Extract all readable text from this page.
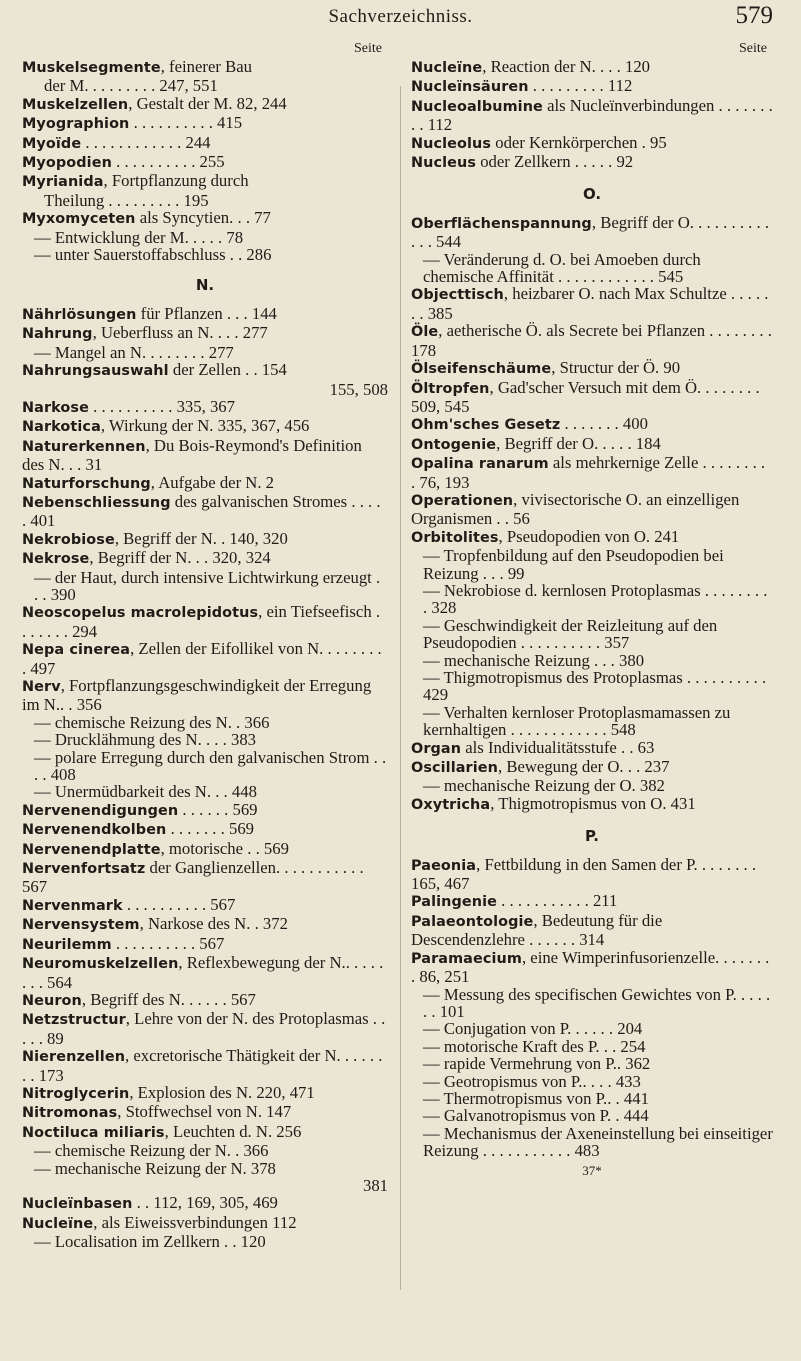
Sachverzeichniss.	579
Seite
Muskelsegmente, feinerer Bau
der M. . . . . . . . . 247, 551
Muskelzellen, Gestalt der M. 82, 244
Myographion . . . . . . . . . . 415
Myoïde . . . . . . . . . . . . 244
Myopodien . . . . . . . . . . 255
Myrianida, Fortpflanzung durch
Theilung . . . . . . . . . 195
Myxomyceten als Syncytien. . . 77
— Entwicklung der M. . . . . 78
— unter Sauerstoffabschluss . . 286
N.
Nährlösungen für Pflanzen . . . 144
Nahrung, Ueberfluss an N. . . . 277
— Mangel an N. . . . . . . . 277
Nahrungsauswahl der Zellen . . 154
155, 508
Narkose . . . . . . . . . . 335, 367
Narkotica, Wirkung der N. 335, 367, 456
Naturerkennen, Du Bois-Reymond's Definition des N. . . 31
Naturforschung, Aufgabe der N. 2
Nebenschliessung des galvanischen Stromes . . . . . 401
Nekrobiose, Begriff der N. . 140, 320
Nekrose, Begriff der N. . . 320, 324
— der Haut, durch intensive Lichtwirkung erzeugt . . . 390
Neoscopelus macrolepidotus, ein Tiefseefisch . . . . . . . 294
Nepa cinerea, Zellen der Eifollikel von N. . . . . . . . . 497
Nerv, Fortpflanzungsgeschwindigkeit der Erregung im N.. . 356
— chemische Reizung des N. . 366
— Drucklähmung des N. . . . 383
— polare Erregung durch den galvanischen Strom . . . . 408
— Unermüdbarkeit des N. . . 448
Nervenendigungen . . . . . . 569
Nervenendkolben . . . . . . . 569
Nervenendplatte, motorische . . 569
Nervenfortsatz der Ganglienzellen. . . . . . . . . . . 567
Nervenmark . . . . . . . . . . 567
Nervensystem, Narkose des N. . 372
Neurilemm . . . . . . . . . . 567
Neuromuskelzellen, Reflexbewegung der N.. . . . . . . . 564
Neuron, Begriff des N. . . . . . 567
Netzstructur, Lehre von der N. des Protoplasmas . . . . . 89
Nierenzellen, excretorische Thätigkeit der N. . . . . . . . 173
Nitroglycerin, Explosion des N. 220, 471
Nitromonas, Stoffwechsel von N. 147
Noctiluca miliaris, Leuchten d. N. 256
— chemische Reizung der N. . 366
— mechanische Reizung der N. 378
381
Nucleïnbasen . . 112, 169, 305, 469
Nucleïne, als Eiweissverbindungen 112
— Localisation im Zellkern . . 120
Seite
Nucleïne, Reaction der N. . . . 120
Nucleïnsäuren . . . . . . . . . 112
Nucleoalbumine als Nucleïnverbindungen . . . . . . . . . 112
Nucleolus oder Kernkörperchen . 95
Nucleus oder Zellkern . . . . . 92
O.
Oberflächenspannung, Begriff der O. . . . . . . . . . . . . 544
— Veränderung d. O. bei Amoeben durch chemische Affinität . . . . . . . . . . . . 545
Objecttisch, heizbarer O. nach Max Schultze . . . . . . . 385
Öle, aetherische Ö. als Secrete bei Pflanzen . . . . . . . . 178
Ölseifenschäume, Structur der Ö. 90
Öltropfen, Gad'scher Versuch mit dem Ö. . . . . . . . 509, 545
Ohm'sches Gesetz . . . . . . . 400
Ontogenie, Begriff der O. . . . . 184
Opalina ranarum als mehrkernige Zelle . . . . . . . . . 76, 193
Operationen, vivisectorische O. an einzelligen Organismen . . 56
Orbitolites, Pseudopodien von O. 241
— Tropfenbildung auf den Pseudopodien bei Reizung . . . 99
— Nekrobiose d. kernlosen Protoplasmas . . . . . . . . . 328
— Geschwindigkeit der Reizleitung auf den Pseudopodien . . . . . . . . . . 357
— mechanische Reizung . . . 380
— Thigmotropismus des Protoplasmas . . . . . . . . . . 429
— Verhalten kernloser Protoplasmamassen zu kernhaltigen . . . . . . . . . . . . 548
Organ als Individualitätsstufe . . 63
Oscillarien, Bewegung der O. . . 237
— mechanische Reizung der O. 382
Oxytricha, Thigmotropismus von O. 431
P.
Paeonia, Fettbildung in den Samen der P. . . . . . . . 165, 467
Palingenie . . . . . . . . . . . 211
Palaeontologie, Bedeutung für die Descendenzlehre . . . . . . 314
Paramaecium, eine Wimperinfusorienzelle. . . . . . . . 86, 251
— Messung des specifischen Gewichtes von P. . . . . . . 101
— Conjugation von P. . . . . . 204
— motorische Kraft des P. . . 254
— rapide Vermehrung von P.. 362
— Geotropismus von P.. . . . 433
— Thermotropismus von P.. . 441
— Galvanotropismus von P. . 444
— Mechanismus der Axeneinstellung bei einseitiger Reizung . . . . . . . . . . . 483
37*
